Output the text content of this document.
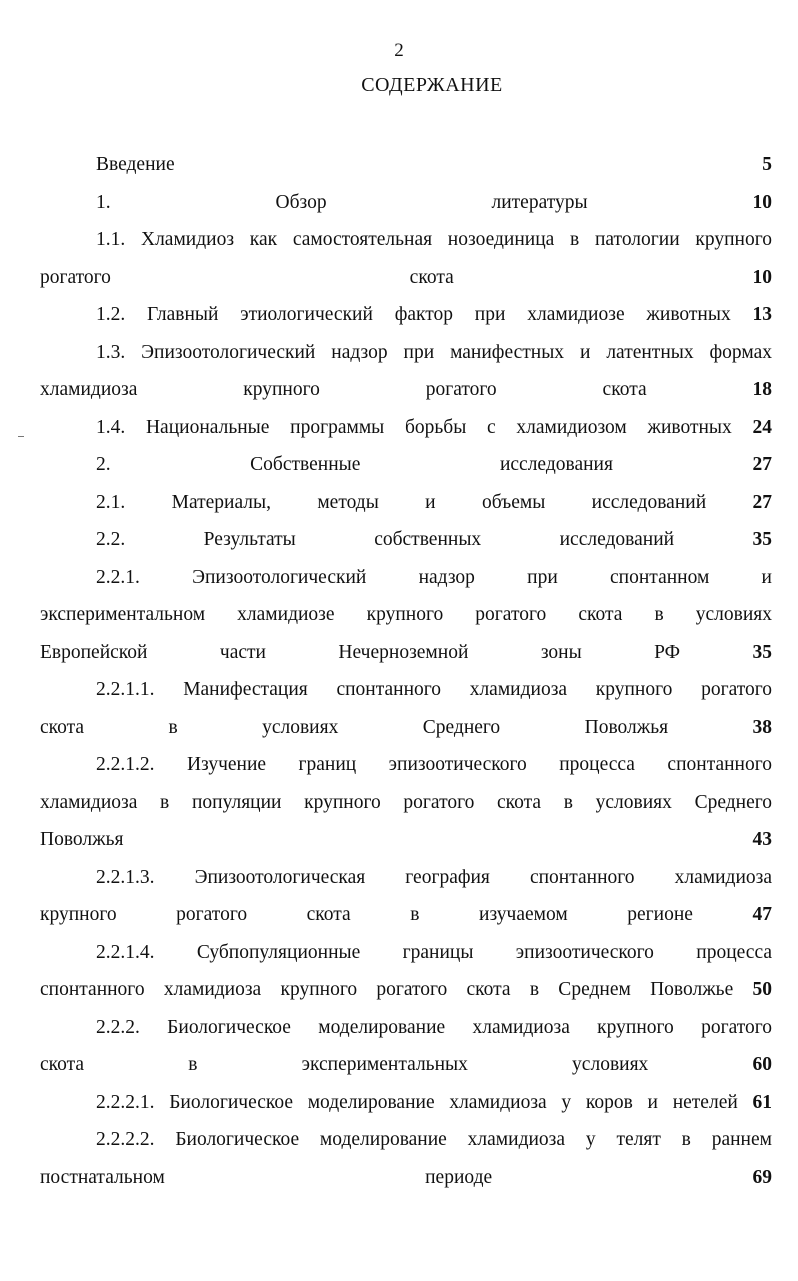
2
СОДЕРЖАНИЕ
Введение	5
1. Обзор литературы	10
1.1. Хламидиоз как самостоятельная нозоединица в патологии крупного
рогатого скота	10
1.2. Главный этиологический фактор при хламидиозе животных 13
1.3. Эпизоотологический надзор при манифестных и латентных формах
хламидиоза крупного рогатого скота	18
1.4. Национальные программы борьбы с хламидиозом животных 24
2. Собственные исследования	27
2.1. Материалы, методы и объемы исследований 27
2.2. Результаты собственных исследований	35
2.2.1. Эпизоотологический надзор при спонтанном и
экспериментальном хламидиозе крупного рогатого скота в условиях
Европейской части Нечерноземной зоны РФ	35
2.2.1.1. Манифестация спонтанного хламидиоза крупного рогатого
скота в условиях Среднего Поволжья	38
2.2.1.2. Изучение границ эпизоотического процесса спонтанного
хламидиоза в популяции крупного рогатого скота в условиях Среднего
Поволжья	43
2.2.1.3. Эпизоотологическая география спонтанного хламидиоза
крупного рогатого скота в изучаемом регионе	47
2.2.1.4. Субпопуляционные границы эпизоотического процесса
спонтанного хламидиоза крупного рогатого скота в Среднем Поволжье 50
2.2.2. Биологическое моделирование хламидиоза крупного рогатого
скота в экспериментальных условиях	60
2.2.2.1. Биологическое моделирование хламидиоза у коров и нетелей 61
2.2.2.2. Биологическое моделирование хламидиоза у телят в раннем
постнатальном периоде	69
